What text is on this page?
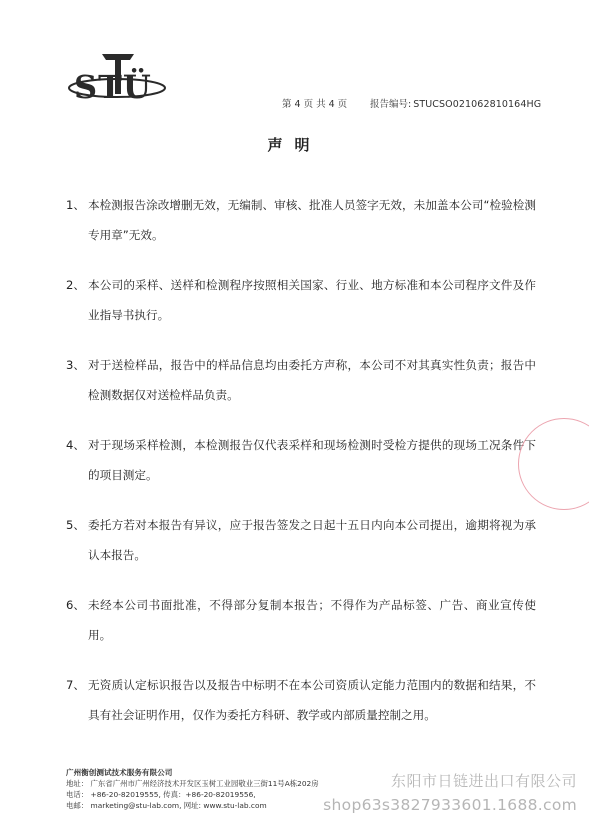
STÜ	第 4 页 共 4 页 报告编号: STUCSO021062810164HG
声明
1、 本检测报告涂改增删无效，无编制、审核、批准人员签字无效，未加盖本公司“检验检测专用章”无效。
2、 本公司的采样、送样和检测程序按照相关国家、行业、地方标准和本公司程序文件及作业指导书执行。
3、 对于送检样品，报告中的样品信息均由委托方声称，本公司不对其真实性负责；报告中检测数据仅对送检样品负责。
4、 对于现场采样检测，本检测报告仅代表采样和现场检测时受检方提供的现场工况条件下的项目测定。
5、 委托方若对本报告有异议，应于报告签发之日起十五日内向本公司提出，逾期将视为承认本报告。
6、 未经本公司书面批准，不得部分复制本报告；不得作为产品标签、广告、商业宣传使用。
7、 无资质认定标识报告以及报告中标明不在本公司资质认定能力范围内的数据和结果，不具有社会证明作用，仅作为委托方科研、教学或内部质量控制之用。
广州衡创测试技术服务有限公司
地址： 广东省广州市广州经济技术开发区玉树工业园敬业三街11号A栋202房
电话： +86-20-82019555, 传真：+86-20-82019556,
电邮： marketing@stu-lab.com, 网址: www.stu-lab.com
东阳市日链进出口有限公司
shop63s3827933601.1688.com
